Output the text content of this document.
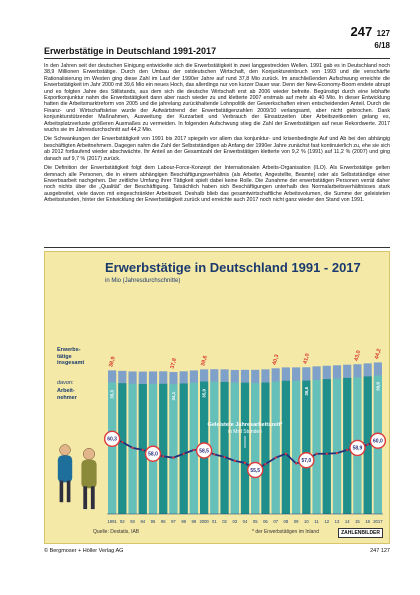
247 127
6/18
Erwerbstätige in Deutschland 1991-2017

In den Jahren seit der deutschen Einigung entwickelte sich die Erwerbstätigkeit in zwei langgestreckten Wellen. 1991 gab es in Deutschland noch 38,9 Millionen Erwerbstätige. Durch den Umbau der ostdeutschen Wirtschaft, den Konjunktureinbruch von 1993 und die verschärfte Rationalisierung im Westen ging diese Zahl im Lauf der 1990er Jahre auf rund 37,8 Mio zurück. Im anschließenden Aufschwung erreichte die Erwerbstätigkeit im Jahr 2000 mit 39,6 Mio ein neues Hoch, das allerdings nur von kurzer Dauer war. Denn der New-Economy-Boom endete abrupt und es folgten Jahre des Stillstands, aus dem sich die deutsche Wirtschaft erst ab 2006 wieder befreite. Begünstigt durch eine lebhafte Exportkonjunktur nahm die Erwerbstätigkeit dann aber rasch wieder zu und kletterte 2007 erstmals auf mehr als 40 Mio. In dieser Entwicklung hatten die Arbeitsmarktreform von 2005 und die jahrelang zurückhaltende Lohnpolitik der Gewerkschaften einen entscheidenden Anteil. Durch die Finanz- und Wirtschaftskrise wurde der Aufwärtstrend der Erwerbstätigenzahlen 2009/10 verlangsamt, aber nicht gebrochen. Dank konjunkturstützender Maßnahmen, Ausweitung der Kurzarbeit und Verbrauch der Einsatzzeiten über Arbeitszeitkonten gelang es, Arbeitsplatzverluste größeren Ausmaßes zu vermeiden. In folgenden Aufschwung stieg die Zahl der Erwerbstätigen auf neue Rekordwerte. 2017 wuchs sie im Jahresdurchschnitt auf 44,2 Mio.

Die Schwankungen der Erwerbstätigkeit von 1991 bis 2017 spiegeln vor allem das konjunktur- und krisenbedingte Auf und Ab bei den abhängig beschäftigten Arbeitnehmern. Dagegen nahm die Zahl der Selbstständigen ab Anfang der 1990er Jahre zunächst fast kontinuierlich zu, ehe sie sich ab 2012 fortlaufend wieder abschwächte. Ihr Anteil an der Gesamtzahl der Erwerbstätigen kletterte von 9,2 % (1991) auf 11,2 % (2007) und ging danach auf 9,7 % (2017) zurück.

Die Definition der Erwerbstätigkeit folgt dem Labour-Force-Konzept der Internationalen Arbeits-Organisation (ILO). Als Erwerbstätige gelten demnach alle Personen, die in einem abhängigen Beschäftigungsverhältnis (als Arbeiter, Angestellte, Beamte) oder als Selbstständige einer Erwerbsarbeit nachgehen. Der zeitliche Umfang ihrer Tätigkeit spielt dabei keine Rolle. Die Zunahme der erwerbstätigen Personen verrät daher noch nichts über die „Qualität“ der Beschäftigung. Tatsächlich haben sich Beschäftigungen unterhalb des Normalarbeitsverhältnisses stark ausgebreitet, viele davon mit eingeschränkter Arbeitszeit. Deshalb blieb das gesamtwirtschaftliche Arbeitsvolumen, die Summe der geleisteten Arbeitsstunden, hinter der Entwicklung der Erwerbstätigkeit zurück und erreichte auch 2017 noch nicht ganz wieder den Stand von 1991.

Erwerbstätige in Deutschland 1991 - 2017
in Mio (Jahresdurchschnitte)
Erwerbs-tätige insgesamt
davon:
Arbeit-nehmer
1991 92 93 94 95 96 97 98 99 2000 01 02 03 04 05 06 07 08 09 10 11 12 13 14 15 16 2017
38,9	37,8	39,6	40,3	41,0	43,0 44,2
35,3	34,1	35,9	36,5
39,9
60,3
58,0
58,5
55,5
57,0
58,9
60,0
Geleistete Jahresarbeitszeit*
in Mrd Stunden
Quelle: Destatis, IAB	* der Erwerbstätigen im Inland	ZAHLENBILDER
© Bergmoser + Höller Verlag AG	247 127
